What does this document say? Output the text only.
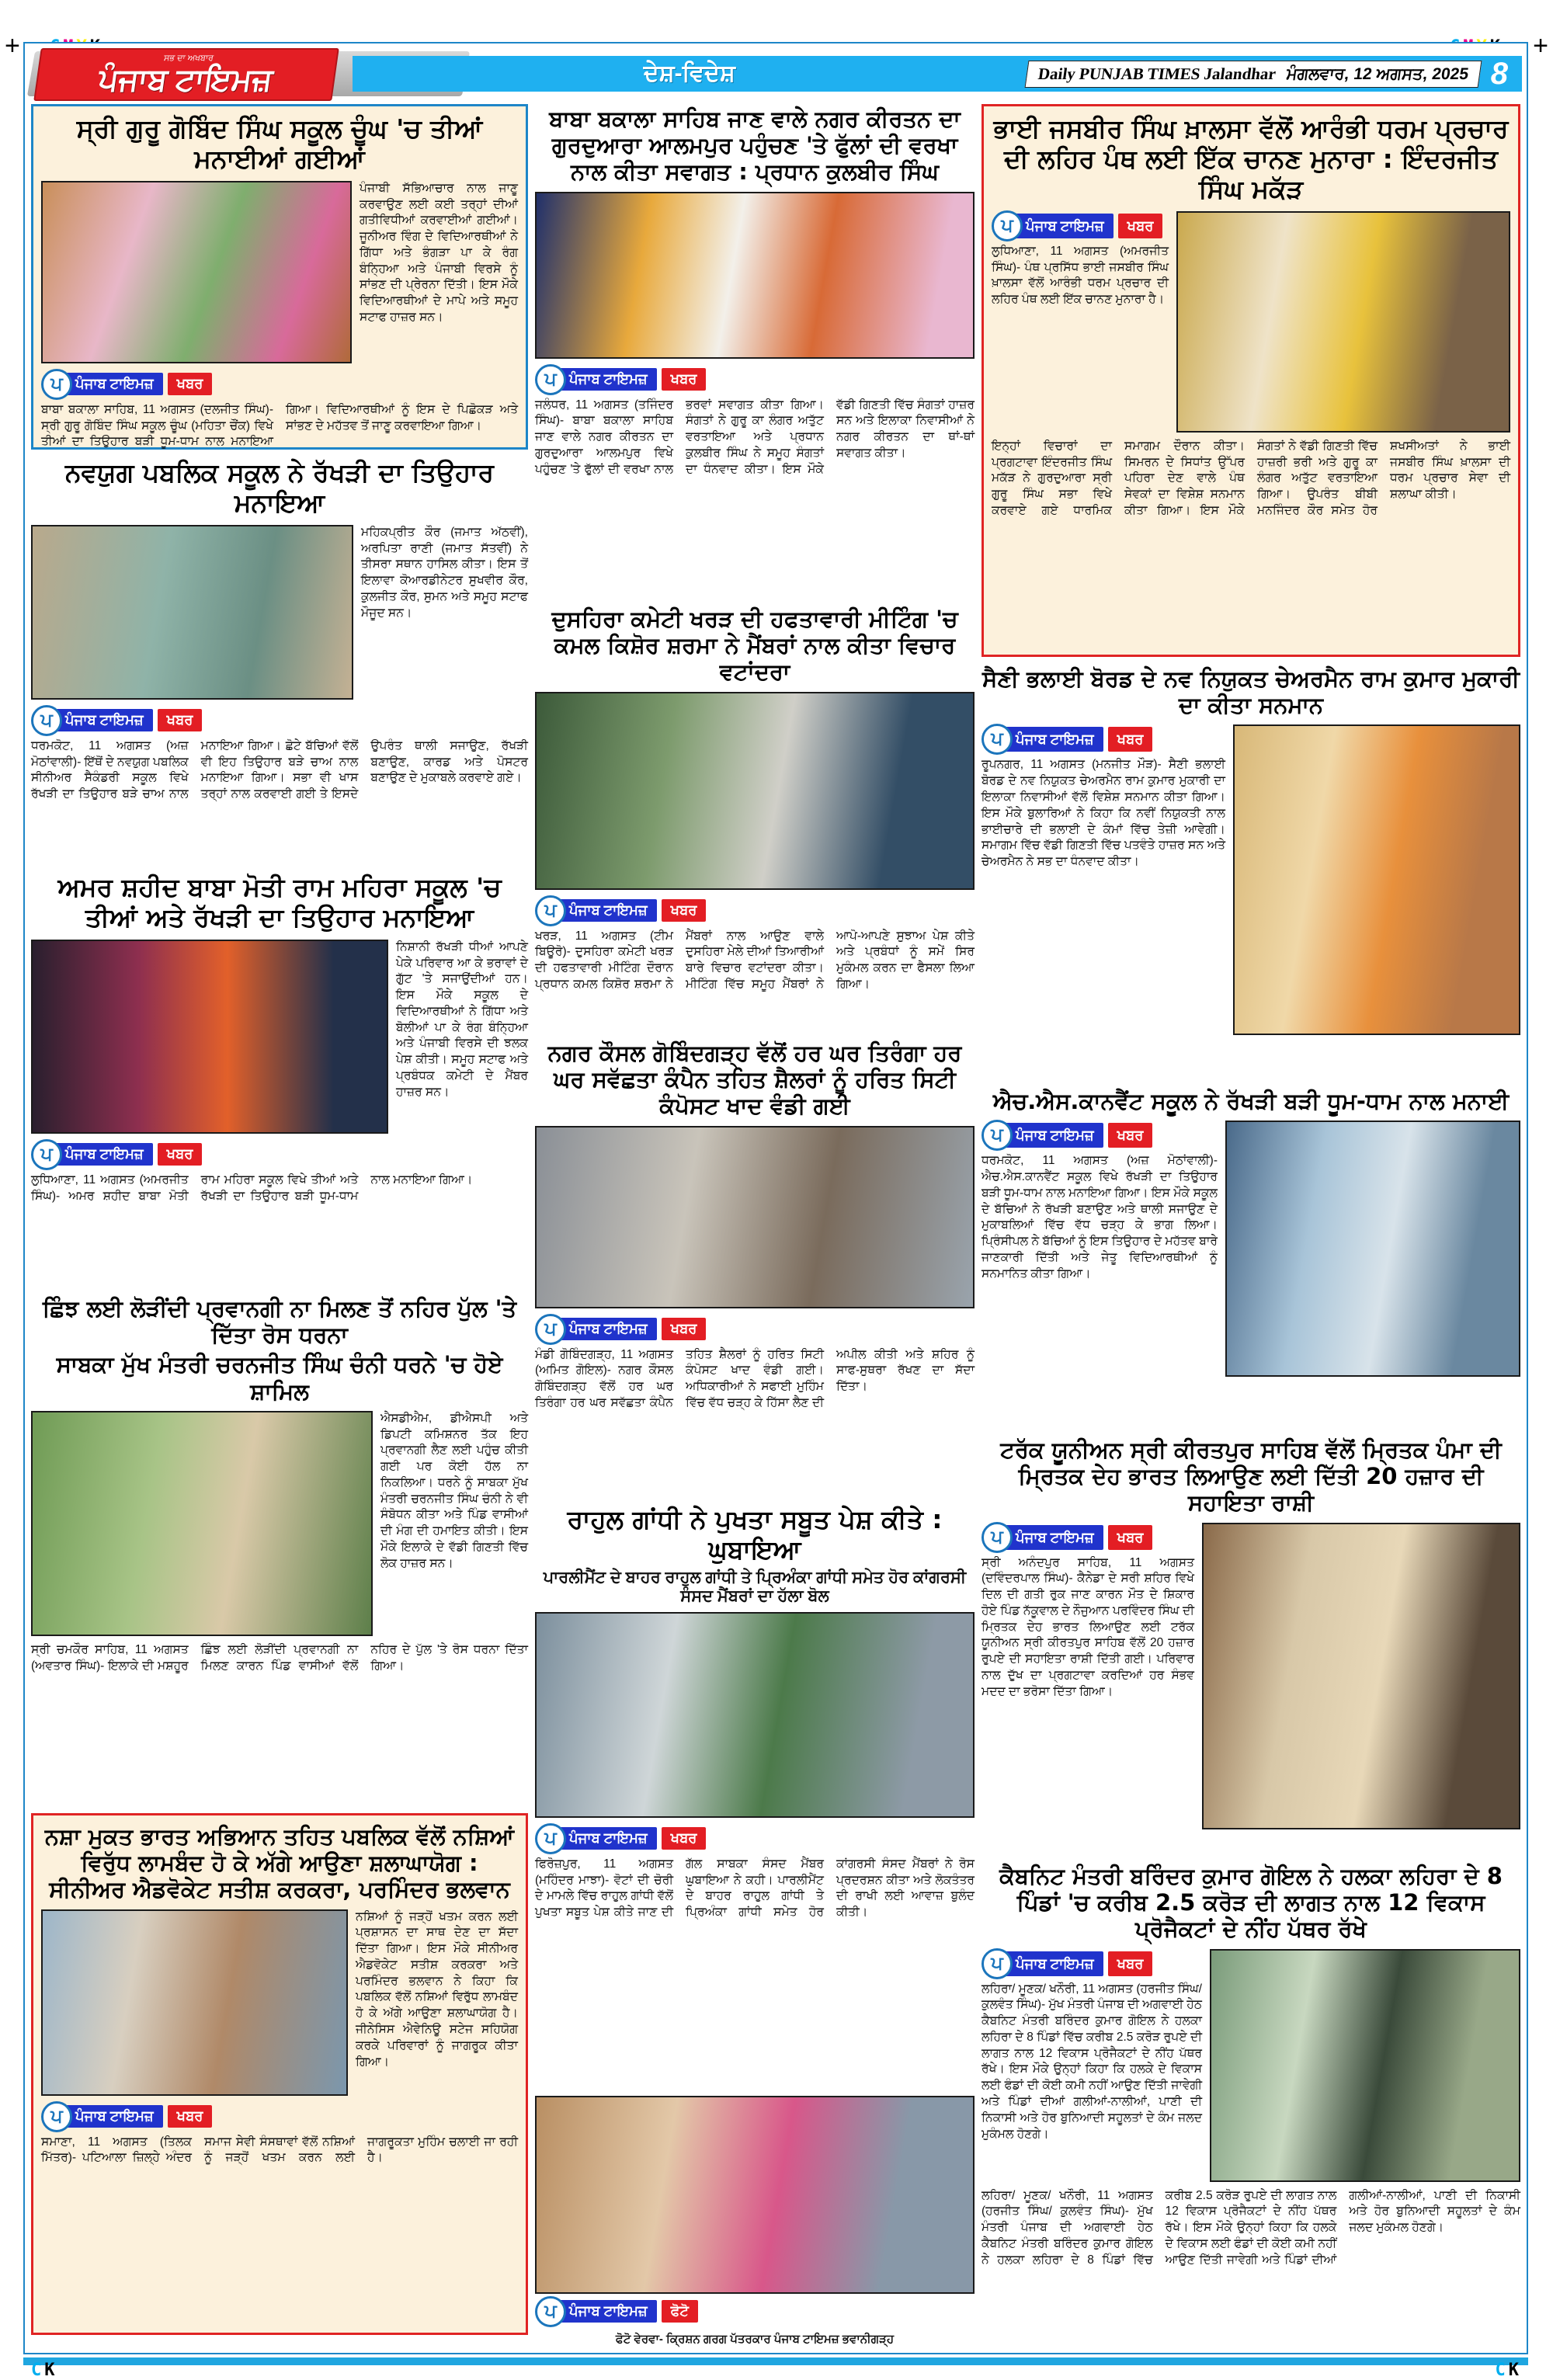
+	+
ਸਭ ਦਾ ਅਖਬਾਰ
ਪੰਜਾਬ ਟਾਇਮਜ਼	ਦੇਸ਼-ਵਿਦੇਸ਼	Daily PUNJAB TIMES Jalandhar ਮੰਗਲਵਾਰ, 12 ਅਗਸਤ, 2025 8
ਸ੍ਰੀ ਗੁਰੂ ਗੋਬਿੰਦ ਸਿੰਘ ਸਕੂਲ ਚੂੰਘ 'ਚ ਤੀਆਂ ਮਨਾਈਆਂ ਗਈਆਂ
ਪੰਜਾਬੀ ਸੱਭਿਆਚਾਰ ਨਾਲ ਜਾਣੂ ਕਰਵਾਉਣ ਲਈ ਕਈ ਤਰ੍ਹਾਂ ਦੀਆਂ ਗਤੀਵਿਧੀਆਂ ਕਰਵਾਈਆਂ ਗਈਆਂ। ਜੂਨੀਅਰ ਵਿੰਗ ਦੇ ਵਿਦਿਆਰਥੀਆਂ ਨੇ ਗਿੱਧਾ ਅਤੇ ਭੰਗੜਾ ਪਾ ਕੇ ਰੰਗ ਬੰਨ੍ਹਿਆ ਅਤੇ ਪੰਜਾਬੀ ਵਿਰਸੇ ਨੂੰ ਸਾਂਭਣ ਦੀ ਪ੍ਰੇਰਨਾ ਦਿੱਤੀ। ਇਸ ਮੌਕੇ ਵਿਦਿਆਰਥੀਆਂ ਦੇ ਮਾਪੇ ਅਤੇ ਸਮੂਹ ਸਟਾਫ ਹਾਜ਼ਰ ਸਨ।
ਪ ਪੰਜਾਬ ਟਾਇਮਜ਼	ਖਬਰ
ਬਾਬਾ ਬਕਾਲਾ ਸਾਹਿਬ, 11 ਅਗਸਤ (ਦਲਜੀਤ ਸਿੰਘ)- ਸ੍ਰੀ ਗੁਰੂ ਗੋਬਿੰਦ ਸਿੰਘ ਸਕੂਲ ਚੂੰਘ (ਮਹਿਤਾ ਚੌਂਕ) ਵਿਖੇ ਤੀਆਂ ਦਾ ਤਿਉਹਾਰ ਬੜੀ ਧੂਮ-ਧਾਮ ਨਾਲ ਮਨਾਇਆ ਗਿਆ। ਵਿਦਿਆਰਥੀਆਂ ਨੂੰ ਇਸ ਦੇ ਪਿਛੋਕੜ ਅਤੇ ਸਾਂਭਣ ਦੇ ਮਹੱਤਵ ਤੋਂ ਜਾਣੂ ਕਰਵਾਇਆ ਗਿਆ।
ਨਵਯੁਗ ਪਬਲਿਕ ਸਕੂਲ ਨੇ ਰੱਖੜੀ ਦਾ ਤਿਉਹਾਰ ਮਨਾਇਆ
ਮਹਿਕਪ੍ਰੀਤ ਕੌਰ (ਜਮਾਤ ਅੱਠਵੀਂ), ਅਰਪਿਤਾ ਰਾਣੀ (ਜਮਾਤ ਸੱਤਵੀਂ) ਨੇ ਤੀਸਰਾ ਸਥਾਨ ਹਾਸਿਲ ਕੀਤਾ। ਇਸ ਤੋਂ ਇਲਾਵਾ ਕੋਆਰਡੀਨੇਟਰ ਸੁਖਵੀਰ ਕੌਰ, ਕੁਲਜੀਤ ਕੌਰ, ਸੁਮਨ ਅਤੇ ਸਮੂਹ ਸਟਾਫ ਮੌਜੂਦ ਸਨ।
ਪ ਪੰਜਾਬ ਟਾਇਮਜ਼	ਖਬਰ
ਧਰਮਕੋਟ, 11 ਅਗਸਤ (ਅਜ਼ ਮੋਠਾਂਵਾਲੀ)- ਇੱਥੋਂ ਦੇ ਨਵਯੁਗ ਪਬਲਿਕ ਸੀਨੀਅਰ ਸੈਕੰਡਰੀ ਸਕੂਲ ਵਿਖੇ ਰੱਖੜੀ ਦਾ ਤਿਉਹਾਰ ਬੜੇ ਚਾਅ ਨਾਲ ਮਨਾਇਆ ਗਿਆ। ਛੋਟੇ ਬੱਚਿਆਂ ਵੱਲੋਂ ਵੀ ਇਹ ਤਿਉਹਾਰ ਬੜੇ ਚਾਅ ਨਾਲ ਮਨਾਇਆ ਗਿਆ। ਸਭਾ ਵੀ ਖਾਸ ਤਰ੍ਹਾਂ ਨਾਲ ਕਰਵਾਈ ਗਈ ਤੇ ਇਸਦੇ ਉਪਰੰਤ ਥਾਲੀ ਸਜਾਉਣ, ਰੱਖੜੀ ਬਣਾਉਣ, ਕਾਰਡ ਅਤੇ ਪੋਸਟਰ ਬਣਾਉਣ ਦੇ ਮੁਕਾਬਲੇ ਕਰਵਾਏ ਗਏ।
ਅਮਰ ਸ਼ਹੀਦ ਬਾਬਾ ਮੋਤੀ ਰਾਮ ਮਹਿਰਾ ਸਕੂਲ 'ਚ ਤੀਆਂ ਅਤੇ ਰੱਖੜੀ ਦਾ ਤਿਉਹਾਰ ਮਨਾਇਆ
ਨਿਸ਼ਾਨੀ ਰੱਖੜੀ ਧੀਆਂ ਆਪਣੇ ਪੇਕੇ ਪਰਿਵਾਰ ਆ ਕੇ ਭਰਾਵਾਂ ਦੇ ਗੁੱਟ 'ਤੇ ਸਜਾਉਂਦੀਆਂ ਹਨ। ਇਸ ਮੌਕੇ ਸਕੂਲ ਦੇ ਵਿਦਿਆਰਥੀਆਂ ਨੇ ਗਿੱਧਾ ਅਤੇ ਬੋਲੀਆਂ ਪਾ ਕੇ ਰੰਗ ਬੰਨ੍ਹਿਆ ਅਤੇ ਪੰਜਾਬੀ ਵਿਰਸੇ ਦੀ ਝਲਕ ਪੇਸ਼ ਕੀਤੀ। ਸਮੂਹ ਸਟਾਫ ਅਤੇ ਪ੍ਰਬੰਧਕ ਕਮੇਟੀ ਦੇ ਮੈਂਬਰ ਹਾਜ਼ਰ ਸਨ।
ਪ ਪੰਜਾਬ ਟਾਇਮਜ਼	ਖਬਰ
ਲੁਧਿਆਣਾ, 11 ਅਗਸਤ (ਅਮਰਜੀਤ ਸਿੰਘ)- ਅਮਰ ਸ਼ਹੀਦ ਬਾਬਾ ਮੋਤੀ ਰਾਮ ਮਹਿਰਾ ਸਕੂਲ ਵਿਖੇ ਤੀਆਂ ਅਤੇ ਰੱਖੜੀ ਦਾ ਤਿਉਹਾਰ ਬੜੀ ਧੂਮ-ਧਾਮ ਨਾਲ ਮਨਾਇਆ ਗਿਆ।
ਛਿੰਝ ਲਈ ਲੋੜੀਂਦੀ ਪ੍ਰਵਾਨਗੀ ਨਾ ਮਿਲਣ ਤੋਂ ਨਹਿਰ ਪੁੱਲ 'ਤੇ ਦਿੱਤਾ ਰੋਸ ਧਰਨਾ
ਸਾਬਕਾ ਮੁੱਖ ਮੰਤਰੀ ਚਰਨਜੀਤ ਸਿੰਘ ਚੰਨੀ ਧਰਨੇ 'ਚ ਹੋਏ ਸ਼ਾਮਿਲ
ਐਸਡੀਐਮ, ਡੀਐਸਪੀ ਅਤੇ ਡਿਪਟੀ ਕਮਿਸ਼ਨਰ ਤੱਕ ਇਹ ਪ੍ਰਵਾਨਗੀ ਲੈਣ ਲਈ ਪਹੁੰਚ ਕੀਤੀ ਗਈ ਪਰ ਕੋਈ ਹੱਲ ਨਾ ਨਿਕਲਿਆ। ਧਰਨੇ ਨੂੰ ਸਾਬਕਾ ਮੁੱਖ ਮੰਤਰੀ ਚਰਨਜੀਤ ਸਿੰਘ ਚੰਨੀ ਨੇ ਵੀ ਸੰਬੋਧਨ ਕੀਤਾ ਅਤੇ ਪਿੰਡ ਵਾਸੀਆਂ ਦੀ ਮੰਗ ਦੀ ਹਮਾਇਤ ਕੀਤੀ। ਇਸ ਮੌਕੇ ਇਲਾਕੇ ਦੇ ਵੱਡੀ ਗਿਣਤੀ ਵਿੱਚ ਲੋਕ ਹਾਜ਼ਰ ਸਨ।
ਸ੍ਰੀ ਚਮਕੌਰ ਸਾਹਿਬ, 11 ਅਗਸਤ (ਅਵਤਾਰ ਸਿੰਘ)- ਇਲਾਕੇ ਦੀ ਮਸ਼ਹੂਰ ਛਿੰਝ ਲਈ ਲੋੜੀਂਦੀ ਪ੍ਰਵਾਨਗੀ ਨਾ ਮਿਲਣ ਕਾਰਨ ਪਿੰਡ ਵਾਸੀਆਂ ਵੱਲੋਂ ਨਹਿਰ ਦੇ ਪੁੱਲ 'ਤੇ ਰੋਸ ਧਰਨਾ ਦਿੱਤਾ ਗਿਆ।
ਨਸ਼ਾ ਮੁਕਤ ਭਾਰਤ ਅਭਿਆਨ ਤਹਿਤ ਪਬਲਿਕ ਵੱਲੋਂ ਨਸ਼ਿਆਂ ਵਿਰੁੱਧ ਲਾਮਬੰਦ ਹੋ ਕੇ ਅੱਗੇ ਆਉਣਾ ਸ਼ਲਾਘਾਯੋਗ : ਸੀਨੀਅਰ ਐਡਵੋਕੇਟ ਸਤੀਸ਼ ਕਰਕਰਾ, ਪਰਮਿੰਦਰ ਭਲਵਾਨ
ਨਸ਼ਿਆਂ ਨੂੰ ਜੜ੍ਹੋਂ ਖਤਮ ਕਰਨ ਲਈ ਪ੍ਰਸ਼ਾਸਨ ਦਾ ਸਾਥ ਦੇਣ ਦਾ ਸੱਦਾ ਦਿੱਤਾ ਗਿਆ। ਇਸ ਮੌਕੇ ਸੀਨੀਅਰ ਐਡਵੋਕੇਟ ਸਤੀਸ਼ ਕਰਕਰਾ ਅਤੇ ਪਰਮਿੰਦਰ ਭਲਵਾਨ ਨੇ ਕਿਹਾ ਕਿ ਪਬਲਿਕ ਵੱਲੋਂ ਨਸ਼ਿਆਂ ਵਿਰੁੱਧ ਲਾਮਬੰਦ ਹੋ ਕੇ ਅੱਗੇ ਆਉਣਾ ਸ਼ਲਾਘਾਯੋਗ ਹੈ। ਜੀਨੇਸਿਸ ਐਵੇਨਿਊ ਸਟੇਜ ਸਹਿਯੋਗ ਕਰਕੇ ਪਰਿਵਾਰਾਂ ਨੂੰ ਜਾਗਰੂਕ ਕੀਤਾ ਗਿਆ।
ਪ ਪੰਜਾਬ ਟਾਇਮਜ਼	ਖਬਰ
ਸਮਾਣਾ, 11 ਅਗਸਤ (ਤਿਲਕ ਮਿੱਤਰ)- ਪਟਿਆਲਾ ਜ਼ਿਲ੍ਹੇ ਅੰਦਰ ਸਮਾਜ ਸੇਵੀ ਸੰਸਥਾਵਾਂ ਵੱਲੋਂ ਨਸ਼ਿਆਂ ਨੂੰ ਜੜ੍ਹੋਂ ਖਤਮ ਕਰਨ ਲਈ ਜਾਗਰੂਕਤਾ ਮੁਹਿੰਮ ਚਲਾਈ ਜਾ ਰਹੀ ਹੈ।
ਬਾਬਾ ਬਕਾਲਾ ਸਾਹਿਬ ਜਾਣ ਵਾਲੇ ਨਗਰ ਕੀਰਤਨ ਦਾ ਗੁਰਦੁਆਰਾ ਆਲਮਪੁਰ ਪਹੁੰਚਣ 'ਤੇ ਫੁੱਲਾਂ ਦੀ ਵਰਖਾ ਨਾਲ ਕੀਤਾ ਸਵਾਗਤ : ਪ੍ਰਧਾਨ ਕੁਲਬੀਰ ਸਿੰਘ
ਪ ਪੰਜਾਬ ਟਾਇਮਜ਼	ਖਬਰ
ਜਲੰਧਰ, 11 ਅਗਸਤ (ਤਜਿੰਦਰ ਸਿੰਘ)- ਬਾਬਾ ਬਕਾਲਾ ਸਾਹਿਬ ਜਾਣ ਵਾਲੇ ਨਗਰ ਕੀਰਤਨ ਦਾ ਗੁਰਦੁਆਰਾ ਆਲਮਪੁਰ ਵਿਖੇ ਪਹੁੰਚਣ 'ਤੇ ਫੁੱਲਾਂ ਦੀ ਵਰਖਾ ਨਾਲ ਭਰਵਾਂ ਸਵਾਗਤ ਕੀਤਾ ਗਿਆ। ਸੰਗਤਾਂ ਨੇ ਗੁਰੂ ਕਾ ਲੰਗਰ ਅਤੁੱਟ ਵਰਤਾਇਆ ਅਤੇ ਪ੍ਰਧਾਨ ਕੁਲਬੀਰ ਸਿੰਘ ਨੇ ਸਮੂਹ ਸੰਗਤਾਂ ਦਾ ਧੰਨਵਾਦ ਕੀਤਾ। ਇਸ ਮੌਕੇ ਵੱਡੀ ਗਿਣਤੀ ਵਿੱਚ ਸੰਗਤਾਂ ਹਾਜ਼ਰ ਸਨ ਅਤੇ ਇਲਾਕਾ ਨਿਵਾਸੀਆਂ ਨੇ ਨਗਰ ਕੀਰਤਨ ਦਾ ਥਾਂ-ਥਾਂ ਸਵਾਗਤ ਕੀਤਾ।
ਦੁਸਹਿਰਾ ਕਮੇਟੀ ਖਰੜ ਦੀ ਹਫਤਾਵਾਰੀ ਮੀਟਿੰਗ 'ਚ ਕਮਲ ਕਿਸ਼ੋਰ ਸ਼ਰਮਾ ਨੇ ਮੈਂਬਰਾਂ ਨਾਲ ਕੀਤਾ ਵਿਚਾਰ ਵਟਾਂਦਰਾ
ਪ ਪੰਜਾਬ ਟਾਇਮਜ਼	ਖਬਰ
ਖਰੜ, 11 ਅਗਸਤ (ਟੀਮ ਬਿਊਰੋ)- ਦੁਸਹਿਰਾ ਕਮੇਟੀ ਖਰੜ ਦੀ ਹਫਤਾਵਾਰੀ ਮੀਟਿੰਗ ਦੌਰਾਨ ਪ੍ਰਧਾਨ ਕਮਲ ਕਿਸ਼ੋਰ ਸ਼ਰਮਾ ਨੇ ਮੈਂਬਰਾਂ ਨਾਲ ਆਉਣ ਵਾਲੇ ਦੁਸਹਿਰਾ ਮੇਲੇ ਦੀਆਂ ਤਿਆਰੀਆਂ ਬਾਰੇ ਵਿਚਾਰ ਵਟਾਂਦਰਾ ਕੀਤਾ। ਮੀਟਿੰਗ ਵਿੱਚ ਸਮੂਹ ਮੈਂਬਰਾਂ ਨੇ ਆਪੋ-ਆਪਣੇ ਸੁਝਾਅ ਪੇਸ਼ ਕੀਤੇ ਅਤੇ ਪ੍ਰਬੰਧਾਂ ਨੂੰ ਸਮੇਂ ਸਿਰ ਮੁਕੰਮਲ ਕਰਨ ਦਾ ਫੈਸਲਾ ਲਿਆ ਗਿਆ।
ਨਗਰ ਕੌਸਲ ਗੋਬਿੰਦਗੜ੍ਹ ਵੱਲੋਂ ਹਰ ਘਰ ਤਿਰੰਗਾ ਹਰ ਘਰ ਸਵੱਛਤਾ ਕੰਪੈਨ ਤਹਿਤ ਸ਼ੈਲਰਾਂ ਨੂੰ ਹਰਿਤ ਸਿਟੀ ਕੰਪੋਸਟ ਖਾਦ ਵੰਡੀ ਗਈ
ਪ ਪੰਜਾਬ ਟਾਇਮਜ਼	ਖਬਰ
ਮੰਡੀ ਗੋਬਿੰਦਗੜ੍ਹ, 11 ਅਗਸਤ (ਅਮਿਤ ਗੋਇਲ)- ਨਗਰ ਕੌਸਲ ਗੋਬਿੰਦਗੜ੍ਹ ਵੱਲੋਂ ਹਰ ਘਰ ਤਿਰੰਗਾ ਹਰ ਘਰ ਸਵੱਛਤਾ ਕੰਪੈਨ ਤਹਿਤ ਸ਼ੈਲਰਾਂ ਨੂੰ ਹਰਿਤ ਸਿਟੀ ਕੰਪੋਸਟ ਖਾਦ ਵੰਡੀ ਗਈ। ਅਧਿਕਾਰੀਆਂ ਨੇ ਸਫਾਈ ਮੁਹਿੰਮ ਵਿੱਚ ਵੱਧ ਚੜ੍ਹ ਕੇ ਹਿੱਸਾ ਲੈਣ ਦੀ ਅਪੀਲ ਕੀਤੀ ਅਤੇ ਸ਼ਹਿਰ ਨੂੰ ਸਾਫ-ਸੁਥਰਾ ਰੱਖਣ ਦਾ ਸੱਦਾ ਦਿੱਤਾ।
ਰਾਹੁਲ ਗਾਂਧੀ ਨੇ ਪੁਖਤਾ ਸਬੂਤ ਪੇਸ਼ ਕੀਤੇ : ਘੁਬਾਇਆ
ਪਾਰਲੀਮੈਂਟ ਦੇ ਬਾਹਰ ਰਾਹੁਲ ਗਾਂਧੀ ਤੇ ਪ੍ਰਿਅੰਕਾ ਗਾਂਧੀ ਸਮੇਤ ਹੋਰ ਕਾਂਗਰਸੀ ਸੰਸਦ ਮੈਂਬਰਾਂ ਦਾ ਹੱਲਾ ਬੋਲ
ਪ ਪੰਜਾਬ ਟਾਇਮਜ਼	ਖਬਰ
ਫਿਰੋਜ਼ਪੁਰ, 11 ਅਗਸਤ (ਮਹਿੰਦਰ ਮਾਝਾ)- ਵੋਟਾਂ ਦੀ ਚੋਰੀ ਦੇ ਮਾਮਲੇ ਵਿੱਚ ਰਾਹੁਲ ਗਾਂਧੀ ਵੱਲੋਂ ਪੁਖਤਾ ਸਬੂਤ ਪੇਸ਼ ਕੀਤੇ ਜਾਣ ਦੀ ਗੱਲ ਸਾਬਕਾ ਸੰਸਦ ਮੈਂਬਰ ਘੁਬਾਇਆ ਨੇ ਕਹੀ। ਪਾਰਲੀਮੈਂਟ ਦੇ ਬਾਹਰ ਰਾਹੁਲ ਗਾਂਧੀ ਤੇ ਪ੍ਰਿਅੰਕਾ ਗਾਂਧੀ ਸਮੇਤ ਹੋਰ ਕਾਂਗਰਸੀ ਸੰਸਦ ਮੈਂਬਰਾਂ ਨੇ ਰੋਸ ਪ੍ਰਦਰਸ਼ਨ ਕੀਤਾ ਅਤੇ ਲੋਕਤੰਤਰ ਦੀ ਰਾਖੀ ਲਈ ਆਵਾਜ਼ ਬੁਲੰਦ ਕੀਤੀ।
ਪ ਪੰਜਾਬ ਟਾਇਮਜ਼	ਫੋਟੋ
ਫੋਟੋ ਵੇਰਵਾ- ਕ੍ਰਿਸ਼ਨ ਗਰਗ ਪੱਤਰਕਾਰ ਪੰਜਾਬ ਟਾਇਮਜ਼ ਭਵਾਨੀਗੜ੍ਹ
ਭਾਈ ਜਸਬੀਰ ਸਿੰਘ ਖ਼ਾਲਸਾ ਵੱਲੋਂ ਆਰੰਭੀ ਧਰਮ ਪ੍ਰਚਾਰ ਦੀ ਲਹਿਰ ਪੰਥ ਲਈ ਇੱਕ ਚਾਨਣ ਮੁਨਾਰਾ : ਇੰਦਰਜੀਤ ਸਿੰਘ ਮਕੱੜ
ਪ ਪੰਜਾਬ ਟਾਇਮਜ਼	ਖਬਰ
ਲੁਧਿਆਣਾ, 11 ਅਗਸਤ (ਅਮਰਜੀਤ ਸਿੰਘ)- ਪੰਥ ਪ੍ਰਸਿੱਧ ਭਾਈ ਜਸਬੀਰ ਸਿੰਘ ਖ਼ਾਲਸਾ ਵੱਲੋਂ ਆਰੰਭੀ ਧਰਮ ਪ੍ਰਚਾਰ ਦੀ ਲਹਿਰ ਪੰਥ ਲਈ ਇੱਕ ਚਾਨਣ ਮੁਨਾਰਾ ਹੈ।
ਇਨ੍ਹਾਂ ਵਿਚਾਰਾਂ ਦਾ ਪ੍ਰਗਟਾਵਾ ਇੰਦਰਜੀਤ ਸਿੰਘ ਮਕੱੜ ਨੇ ਗੁਰਦੁਆਰਾ ਸ੍ਰੀ ਗੁਰੂ ਸਿੰਘ ਸਭਾ ਵਿਖੇ ਕਰਵਾਏ ਗਏ ਧਾਰਮਿਕ ਸਮਾਗਮ ਦੌਰਾਨ ਕੀਤਾ। ਸਿਮਰਨ ਦੇ ਸਿਧਾਂਤ ਉੱਪਰ ਪਹਿਰਾ ਦੇਣ ਵਾਲੇ ਪੰਥ ਸੇਵਕਾਂ ਦਾ ਵਿਸ਼ੇਸ਼ ਸਨਮਾਨ ਕੀਤਾ ਗਿਆ। ਇਸ ਮੌਕੇ ਸੰਗਤਾਂ ਨੇ ਵੱਡੀ ਗਿਣਤੀ ਵਿੱਚ ਹਾਜ਼ਰੀ ਭਰੀ ਅਤੇ ਗੁਰੂ ਕਾ ਲੰਗਰ ਅਤੁੱਟ ਵਰਤਾਇਆ ਗਿਆ। ਉਪਰੰਤ ਬੀਬੀ ਮਨਜਿੰਦਰ ਕੌਰ ਸਮੇਤ ਹੋਰ ਸ਼ਖਸੀਅਤਾਂ ਨੇ ਭਾਈ ਜਸਬੀਰ ਸਿੰਘ ਖ਼ਾਲਸਾ ਦੀ ਧਰਮ ਪ੍ਰਚਾਰ ਸੇਵਾ ਦੀ ਸ਼ਲਾਘਾ ਕੀਤੀ।
ਸੈਣੀ ਭਲਾਈ ਬੋਰਡ ਦੇ ਨਵ ਨਿਯੁਕਤ ਚੇਅਰਮੈਨ ਰਾਮ ਕੁਮਾਰ ਮੁਕਾਰੀ ਦਾ ਕੀਤਾ ਸਨਮਾਨ
ਪ ਪੰਜਾਬ ਟਾਇਮਜ਼	ਖਬਰ
ਰੂਪਨਗਰ, 11 ਅਗਸਤ (ਮਨਜੀਤ ਮੌੜ)- ਸੈਣੀ ਭਲਾਈ ਬੋਰਡ ਦੇ ਨਵ ਨਿਯੁਕਤ ਚੇਅਰਮੈਨ ਰਾਮ ਕੁਮਾਰ ਮੁਕਾਰੀ ਦਾ ਇਲਾਕਾ ਨਿਵਾਸੀਆਂ ਵੱਲੋਂ ਵਿਸ਼ੇਸ਼ ਸਨਮਾਨ ਕੀਤਾ ਗਿਆ। ਇਸ ਮੌਕੇ ਬੁਲਾਰਿਆਂ ਨੇ ਕਿਹਾ ਕਿ ਨਵੀਂ ਨਿਯੁਕਤੀ ਨਾਲ ਭਾਈਚਾਰੇ ਦੀ ਭਲਾਈ ਦੇ ਕੰਮਾਂ ਵਿੱਚ ਤੇਜ਼ੀ ਆਵੇਗੀ। ਸਮਾਗਮ ਵਿੱਚ ਵੱਡੀ ਗਿਣਤੀ ਵਿੱਚ ਪਤਵੰਤੇ ਹਾਜ਼ਰ ਸਨ ਅਤੇ ਚੇਅਰਮੈਨ ਨੇ ਸਭ ਦਾ ਧੰਨਵਾਦ ਕੀਤਾ।
ਐਚ.ਐਸ.ਕਾਨਵੈਂਟ ਸਕੂਲ ਨੇ ਰੱਖੜੀ ਬੜੀ ਧੂਮ-ਧਾਮ ਨਾਲ ਮਨਾਈ
ਪ ਪੰਜਾਬ ਟਾਇਮਜ਼	ਖਬਰ
ਧਰਮਕੋਟ, 11 ਅਗਸਤ (ਅਜ਼ ਮੋਠਾਂਵਾਲੀ)- ਐਚ.ਐਸ.ਕਾਨਵੈਂਟ ਸਕੂਲ ਵਿਖੇ ਰੱਖੜੀ ਦਾ ਤਿਉਹਾਰ ਬੜੀ ਧੂਮ-ਧਾਮ ਨਾਲ ਮਨਾਇਆ ਗਿਆ। ਇਸ ਮੌਕੇ ਸਕੂਲ ਦੇ ਬੱਚਿਆਂ ਨੇ ਰੱਖੜੀ ਬਣਾਉਣ ਅਤੇ ਥਾਲੀ ਸਜਾਉਣ ਦੇ ਮੁਕਾਬਲਿਆਂ ਵਿੱਚ ਵੱਧ ਚੜ੍ਹ ਕੇ ਭਾਗ ਲਿਆ। ਪ੍ਰਿੰਸੀਪਲ ਨੇ ਬੱਚਿਆਂ ਨੂੰ ਇਸ ਤਿਉਹਾਰ ਦੇ ਮਹੱਤਵ ਬਾਰੇ ਜਾਣਕਾਰੀ ਦਿੱਤੀ ਅਤੇ ਜੇਤੂ ਵਿਦਿਆਰਥੀਆਂ ਨੂੰ ਸਨਮਾਨਿਤ ਕੀਤਾ ਗਿਆ।
ਟਰੱਕ ਯੂਨੀਅਨ ਸ੍ਰੀ ਕੀਰਤਪੁਰ ਸਾਹਿਬ ਵੱਲੋਂ ਮ੍ਰਿਤਕ ਪੰਮਾ ਦੀ ਮ੍ਰਿਤਕ ਦੇਹ ਭਾਰਤ ਲਿਆਉਣ ਲਈ ਦਿੱਤੀ 20 ਹਜ਼ਾਰ ਦੀ ਸਹਾਇਤਾ ਰਾਸ਼ੀ
ਪ ਪੰਜਾਬ ਟਾਇਮਜ਼	ਖਬਰ
ਸ੍ਰੀ ਅਨੰਦਪੁਰ ਸਾਹਿਬ, 11 ਅਗਸਤ (ਦਵਿੰਦਰਪਾਲ ਸਿੰਘ)- ਕੈਨੇਡਾ ਦੇ ਸਰੀ ਸ਼ਹਿਰ ਵਿਖੇ ਦਿਲ ਦੀ ਗਤੀ ਰੁਕ ਜਾਣ ਕਾਰਨ ਮੌਤ ਦੇ ਸ਼ਿਕਾਰ ਹੋਏ ਪਿੰਡ ਨੱਕੂਵਾਲ ਦੇ ਨੌਜੁਆਨ ਪਰਵਿੰਦਰ ਸਿੰਘ ਦੀ ਮ੍ਰਿਤਕ ਦੇਹ ਭਾਰਤ ਲਿਆਉਣ ਲਈ ਟਰੱਕ ਯੂਨੀਅਨ ਸ੍ਰੀ ਕੀਰਤਪੁਰ ਸਾਹਿਬ ਵੱਲੋਂ 20 ਹਜ਼ਾਰ ਰੁਪਏ ਦੀ ਸਹਾਇਤਾ ਰਾਸ਼ੀ ਦਿੱਤੀ ਗਈ। ਪਰਿਵਾਰ ਨਾਲ ਦੁੱਖ ਦਾ ਪ੍ਰਗਟਾਵਾ ਕਰਦਿਆਂ ਹਰ ਸੰਭਵ ਮਦਦ ਦਾ ਭਰੋਸਾ ਦਿੱਤਾ ਗਿਆ।
ਕੈਬਨਿਟ ਮੰਤਰੀ ਬਰਿੰਦਰ ਕੁਮਾਰ ਗੋਇਲ ਨੇ ਹਲਕਾ ਲਹਿਰਾ ਦੇ 8 ਪਿੰਡਾਂ 'ਚ ਕਰੀਬ 2.5 ਕਰੋੜ ਦੀ ਲਾਗਤ ਨਾਲ 12 ਵਿਕਾਸ ਪ੍ਰੋਜੈਕਟਾਂ ਦੇ ਨੀਂਹ ਪੱਥਰ ਰੱਖੇ
ਪ ਪੰਜਾਬ ਟਾਇਮਜ਼	ਖਬਰ
ਲਹਿਰਾ/ ਮੂਣਕ/ ਖਨੌਰੀ, 11 ਅਗਸਤ (ਹਰਜੀਤ ਸਿੰਘ/ ਕੁਲਵੰਤ ਸਿੰਘ)- ਮੁੱਖ ਮੰਤਰੀ ਪੰਜਾਬ ਦੀ ਅਗਵਾਈ ਹੇਠ ਕੈਬਨਿਟ ਮੰਤਰੀ ਬਰਿੰਦਰ ਕੁਮਾਰ ਗੋਇਲ ਨੇ ਹਲਕਾ ਲਹਿਰਾ ਦੇ 8 ਪਿੰਡਾਂ ਵਿੱਚ ਕਰੀਬ 2.5 ਕਰੋੜ ਰੁਪਏ ਦੀ ਲਾਗਤ ਨਾਲ 12 ਵਿਕਾਸ ਪ੍ਰੋਜੈਕਟਾਂ ਦੇ ਨੀਂਹ ਪੱਥਰ ਰੱਖੇ। ਇਸ ਮੌਕੇ ਉਨ੍ਹਾਂ ਕਿਹਾ ਕਿ ਹਲਕੇ ਦੇ ਵਿਕਾਸ ਲਈ ਫੰਡਾਂ ਦੀ ਕੋਈ ਕਮੀ ਨਹੀਂ ਆਉਣ ਦਿੱਤੀ ਜਾਵੇਗੀ ਅਤੇ ਪਿੰਡਾਂ ਦੀਆਂ ਗਲੀਆਂ-ਨਾਲੀਆਂ, ਪਾਣੀ ਦੀ ਨਿਕਾਸੀ ਅਤੇ ਹੋਰ ਬੁਨਿਆਦੀ ਸਹੂਲਤਾਂ ਦੇ ਕੰਮ ਜਲਦ ਮੁਕੰਮਲ ਹੋਣਗੇ।
ਲਹਿਰਾ/ ਮੂਣਕ/ ਖਨੌਰੀ, 11 ਅਗਸਤ (ਹਰਜੀਤ ਸਿੰਘ/ ਕੁਲਵੰਤ ਸਿੰਘ)- ਮੁੱਖ ਮੰਤਰੀ ਪੰਜਾਬ ਦੀ ਅਗਵਾਈ ਹੇਠ ਕੈਬਨਿਟ ਮੰਤਰੀ ਬਰਿੰਦਰ ਕੁਮਾਰ ਗੋਇਲ ਨੇ ਹਲਕਾ ਲਹਿਰਾ ਦੇ 8 ਪਿੰਡਾਂ ਵਿੱਚ ਕਰੀਬ 2.5 ਕਰੋੜ ਰੁਪਏ ਦੀ ਲਾਗਤ ਨਾਲ 12 ਵਿਕਾਸ ਪ੍ਰੋਜੈਕਟਾਂ ਦੇ ਨੀਂਹ ਪੱਥਰ ਰੱਖੇ। ਇਸ ਮੌਕੇ ਉਨ੍ਹਾਂ ਕਿਹਾ ਕਿ ਹਲਕੇ ਦੇ ਵਿਕਾਸ ਲਈ ਫੰਡਾਂ ਦੀ ਕੋਈ ਕਮੀ ਨਹੀਂ ਆਉਣ ਦਿੱਤੀ ਜਾਵੇਗੀ ਅਤੇ ਪਿੰਡਾਂ ਦੀਆਂ ਗਲੀਆਂ-ਨਾਲੀਆਂ, ਪਾਣੀ ਦੀ ਨਿਕਾਸੀ ਅਤੇ ਹੋਰ ਬੁਨਿਆਦੀ ਸਹੂਲਤਾਂ ਦੇ ਕੰਮ ਜਲਦ ਮੁਕੰਮਲ ਹੋਣਗੇ।
CK	CK
